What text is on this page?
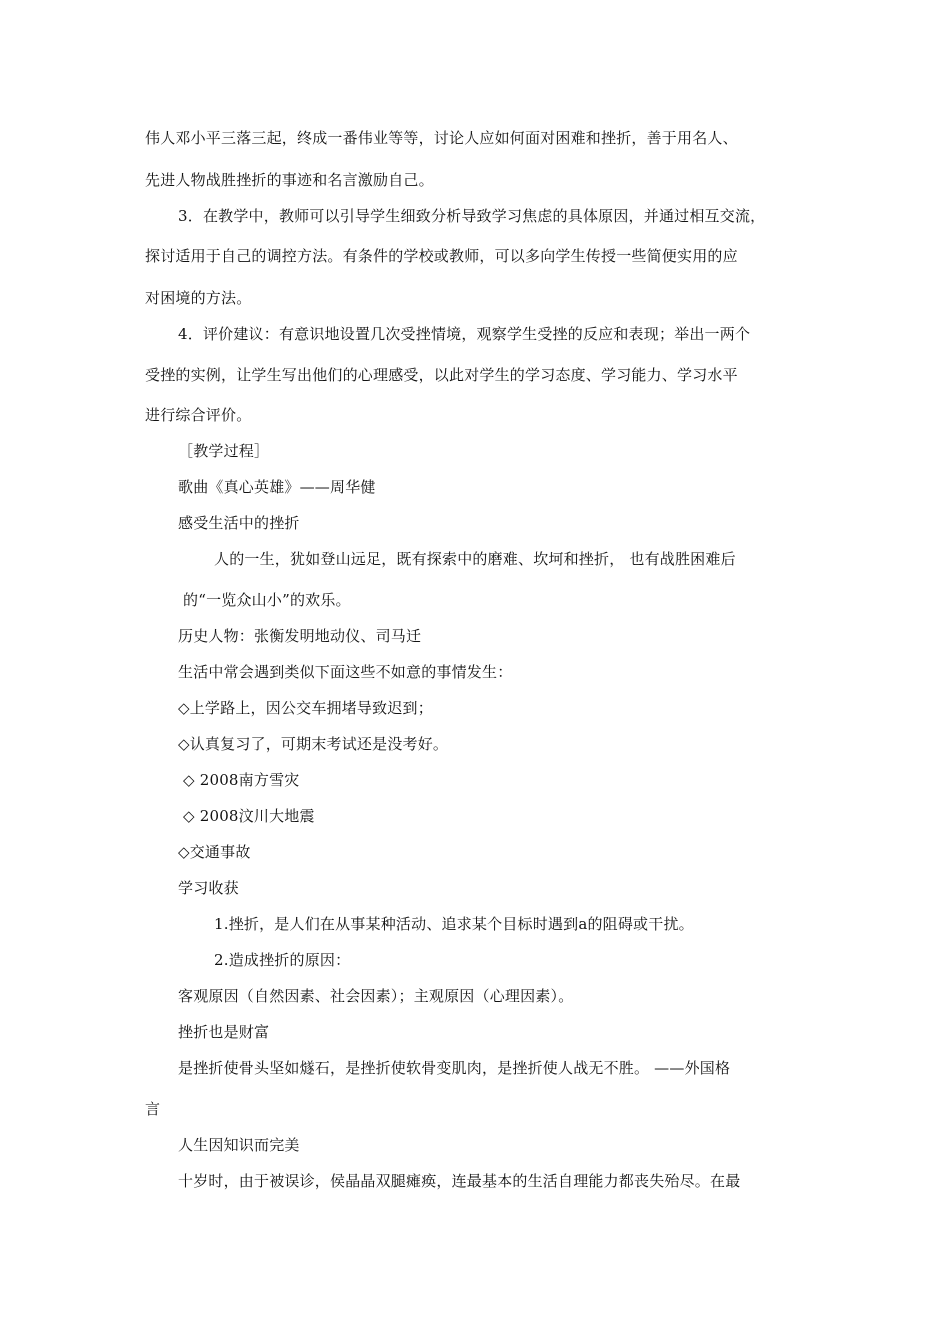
伟人邓小平三落三起，终成一番伟业等等，讨论人应如何面对困难和挫折，善于用名人、
先进人物战胜挫折的事迹和名言激励自己。
3．在教学中，教师可以引导学生细致分析导致学习焦虑的具体原因，并通过相互交流，
探讨适用于自己的调控方法。有条件的学校或教师，可以多向学生传授一些简便实用的应
对困境的方法。
4．评价建议：有意识地设置几次受挫情境，观察学生受挫的反应和表现；举出一两个
受挫的实例，让学生写出他们的心理感受，以此对学生的学习态度、学习能力、学习水平
进行综合评价。
［教学过程］
歌曲《真心英雄》——周华健
感受生活中的挫折
人的一生，犹如登山远足，既有探索中的磨难、坎坷和挫折， 也有战胜困难后
的“一览众山小”的欢乐。
历史人物：张衡发明地动仪、司马迁
生活中常会遇到类似下面这些不如意的事情发生：
◇上学路上，因公交车拥堵导致迟到；
◇认真复习了，可期末考试还是没考好。
◇ 2008南方雪灾
◇ 2008汶川大地震
◇交通事故
学习收获
1.挫折，是人们在从事某种活动、追求某个目标时遇到a的阻碍或干扰。
2.造成挫折的原因：
客观原因（自然因素、社会因素）；主观原因（心理因素）。
挫折也是财富
是挫折使骨头坚如燧石，是挫折使软骨变肌肉，是挫折使人战无不胜。 ——外国格
言
人生因知识而完美
十岁时，由于被误诊，侯晶晶双腿瘫痪，连最基本的生活自理能力都丧失殆尽。在最
